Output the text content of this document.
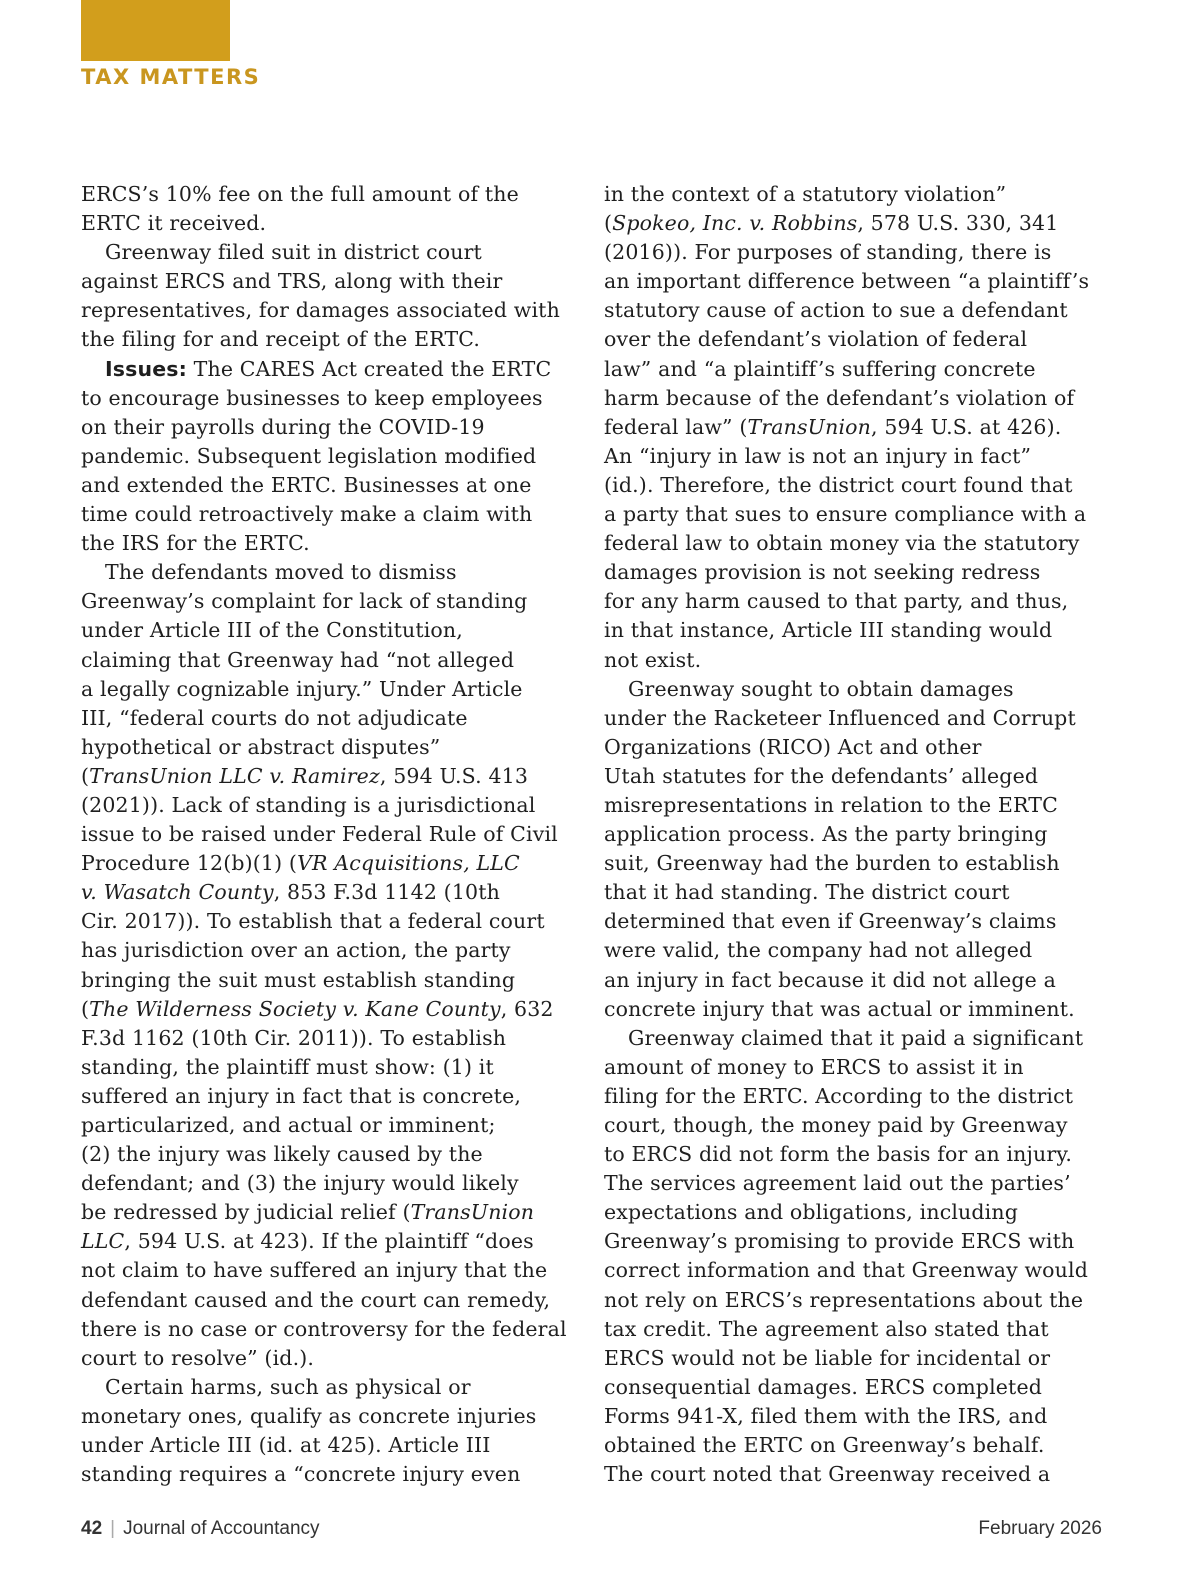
TAX MATTERS

ERCS’s 10% fee on the full amount of the
ERTC it received.

Greenway filed suit in district court
against ERCS and TRS, along with their
representatives, for damages associated with
the filing for and receipt of the ERTC.

Issues: The CARES Act created the ERTC
to encourage businesses to keep employees
on their payrolls during the COVID-19
pandemic. Subsequent legislation modified
and extended the ERTC. Businesses at one
time could retroactively make a claim with
the IRS for the ERTC.

The defendants moved to dismiss
Greenway’s complaint for lack of standing
under Article III of the Constitution,
claiming that Greenway had “not alleged
a legally cognizable injury.” Under Article
III, “federal courts do not adjudicate
hypothetical or abstract disputes”
(TransUnion LLC v. Ramirez, 594 U.S. 413
(2021)). Lack of standing is a jurisdictional
issue to be raised under Federal Rule of Civil
Procedure 12(b)(1) (VR Acquisitions, LLC
v. Wasatch County, 853 F.3d 1142 (10th
Cir. 2017)). To establish that a federal court
has jurisdiction over an action, the party
bringing the suit must establish standing
(The Wilderness Society v. Kane County, 632
F.3d 1162 (10th Cir. 2011)). To establish
standing, the plaintiff must show: (1) it
suffered an injury in fact that is concrete,
particularized, and actual or imminent;
(2) the injury was likely caused by the
defendant; and (3) the injury would likely
be redressed by judicial relief (TransUnion
LLC, 594 U.S. at 423). If the plaintiff “does
not claim to have suffered an injury that the
defendant caused and the court can remedy,
there is no case or controversy for the federal
court to resolve” (id.).

Certain harms, such as physical or
monetary ones, qualify as concrete injuries
under Article III (id. at 425). Article III
standing requires a “concrete injury even

in the context of a statutory violation”
(Spokeo, Inc. v. Robbins, 578 U.S. 330, 341
(2016)). For purposes of standing, there is
an important difference between “a plaintiff’s
statutory cause of action to sue a defendant
over the defendant’s violation of federal
law” and “a plaintiff’s suffering concrete
harm because of the defendant’s violation of
federal law” (TransUnion, 594 U.S. at 426).
An “injury in law is not an injury in fact”
(id.). Therefore, the district court found that
a party that sues to ensure compliance with a
federal law to obtain money via the statutory
damages provision is not seeking redress
for any harm caused to that party, and thus,
in that instance, Article III standing would
not exist.

Greenway sought to obtain damages
under the Racketeer Influenced and Corrupt
Organizations (RICO) Act and other
Utah statutes for the defendants’ alleged
misrepresentations in relation to the ERTC
application process. As the party bringing
suit, Greenway had the burden to establish
that it had standing. The district court
determined that even if Greenway’s claims
were valid, the company had not alleged
an injury in fact because it did not allege a
concrete injury that was actual or imminent.

Greenway claimed that it paid a significant
amount of money to ERCS to assist it in
filing for the ERTC. According to the district
court, though, the money paid by Greenway
to ERCS did not form the basis for an injury.
The services agreement laid out the parties’
expectations and obligations, including
Greenway’s promising to provide ERCS with
correct information and that Greenway would
not rely on ERCS’s representations about the
tax credit. The agreement also stated that
ERCS would not be liable for incidental or
consequential damages. ERCS completed
Forms 941-X, filed them with the IRS, and
obtained the ERTC on Greenway’s behalf.
The court noted that Greenway received a

42 | Journal of Accountancy	February 2026
